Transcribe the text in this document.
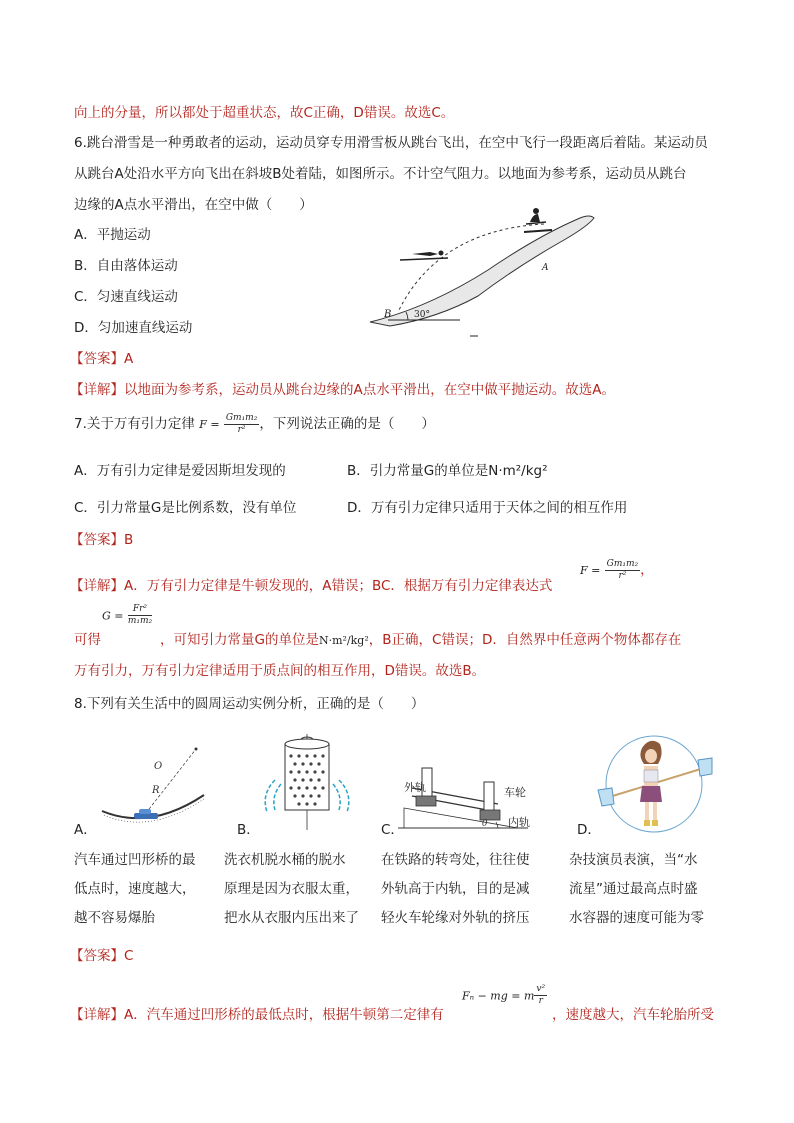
向上的分量，所以都处于超重状态，故C正确，D错误。故选C。
6.跳台滑雪是一种勇敢者的运动，运动员穿专用滑雪板从跳台飞出，在空中飞行一段距离后着陆。某运动员
从跳台A处沿水平方向飞出在斜坡B处着陆，如图所示。不计空气阻力。以地面为参考系，运动员从跳台
边缘的A点水平滑出，在空中做（　　）
A．平抛运动
B．自由落体运动
C．匀速直线运动
D．匀加速直线运动
30°
B
A
【答案】A
【详解】以地面为参考系，运动员从跳台边缘的A点水平滑出，在空中做平抛运动。故选A。
7.关于万有引力定律 $F = \frac{\text{Gm₁m₂}}{\text{r²}}$ ，下列说法正确的是（　　）
A．万有引力定律是爱因斯坦发现的	B．引力常量G的单位是N·m²/kg²
C．引力常量G是比例系数，没有单位	D．万有引力定律只适用于天体之间的相互作用
【答案】B
【详解】A．万有引力定律是牛顿发现的，A错误；BC．根据万有引力定律表达式
$F = \frac{\text{Gm₁m₂}}{\text{r²}}$ ，
可得
$G = \frac{\text{Fr²}}{\text{m₁m₂}}$
，可知引力常量G的单位是N·m²/kg²，B正确，C错误；D．自然界中任意两个物体都存在
万有引力，万有引力定律适用于质点间的相互作用，D错误。故选B。
8.下列有关生活中的圆周运动实例分析，正确的是（　　）
O
R
A．	B．	θ
外轨	车轮
内轨
C．	D．
汽车通过凹形桥的最
低点时，速度越大，
越不容易爆胎
洗衣机脱水桶的脱水
原理是因为衣服太重，
把水从衣服内压出来了
在铁路的转弯处，往往使
外轨高于内轨，目的是减
轻火车轮缘对外轨的挤压
杂技演员表演，当“水
流星”通过最高点时盛
水容器的速度可能为零
【答案】C
【详解】A．汽车通过凹形桥的最低点时，根据牛顿第二定律有
Fₙ − mg = m $\frac{\text{v²}}{r}$
，速度越大，汽车轮胎所受
